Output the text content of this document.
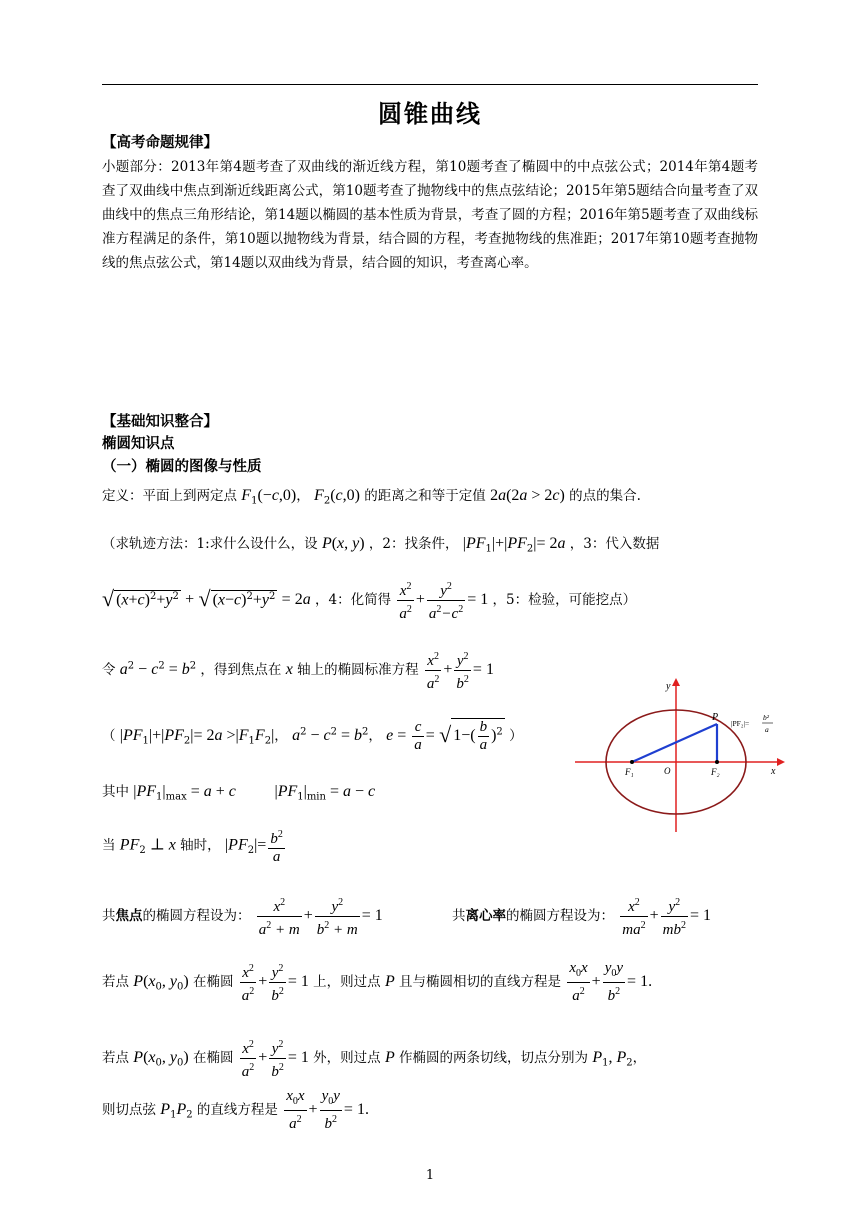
圆锥曲线
【高考命题规律】
小题部分：2013年第4题考查了双曲线的渐近线方程，第10题考查了椭圆中的中点弦公式；2014年第4题考查了双曲线中焦点到渐近线距离公式，第10题考查了抛物线中的焦点弦结论；2015年第5题结合向量考查了双曲线中的焦点三角形结论，第14题以椭圆的基本性质为背景，考查了圆的方程；2016年第5题考查了双曲线标准方程满足的条件，第10题以抛物线为背景，结合圆的方程，考查抛物线的焦准距；2017年第10题考查抛物线的焦点弦公式，第14题以双曲线为背景，结合圆的知识，考查离心率。
【基础知识整合】
椭圆知识点
（一）椭圆的图像与性质
定义：平面上到两定点 $F_1(-c,0)$， $F_2(c,0)$ 的距离之和等于定值 2a(2a > 2c) 的点的集合.
（求轨迹方法：1:求什么设什么，设 P(x, y) ，2：找条件， $|PF_1|+|PF_2|= 2a$ ，3：代入数据
√ $(x+c)^2+y^2$ + √ $(x-c)^2+y^2 = 2a$ ，4：化简得 $\frac{x^2}{a^2} + \frac{y^2}{a^2-c^2} = 1$ ，5：检验，可能挖点）
令 $a^2 - c^2 = b^2$ ，得到焦点在 x 轴上的椭圆标准方程 $\frac{x^2}{a^2} + \frac{y^2}{b^2} = 1$
（ $|PF_1|+|PF_2|= 2a >|F_1F_2|$， $a^2 - c^2 = b^2$， $e = \frac{c}{a}$ = √ $1-( \frac{b}{a} )^2$ ）
其中 $|PF_1|_{max} = a + c$ $|PF_1|_{min} = a - c$
当 $PF_2$ ⊥ x 轴时， $|PF_2|= \frac{b^2}{a}$
共焦点的椭圆方程设为： $\frac{x^2}{a^2 + m} + \frac{y^2}{b^2 + m} = 1$	共离心率的椭圆方程设为： $\frac{x^2}{ma^2} + \frac{y^2}{mb^2} = 1$
若点 $P(x_0$, $y_0$) 在椭圆 $\frac{x^2}{a^2} + \frac{y^2}{b^2} = 1$ 上，则过点 P 且与椭圆相切的直线方程是 $\frac{x_0x}{a^2} + \frac{y_0y}{b^2} = 1$.
若点 $P(x_0$, $y_0$) 在椭圆 $\frac{x^2}{a^2} + \frac{y^2}{b^2} = 1$ 外，则过点 P 作椭圆的两条切线，切点分别为 $P_1$, $P_2$，
则切点弦 $P_1P_2$ 的直线方程是 $\frac{x_0x}{a^2} + \frac{y_0y}{b^2} = 1$.
y
x
P
O
F₁	F₂
|PF₂|=
b²
a
1
